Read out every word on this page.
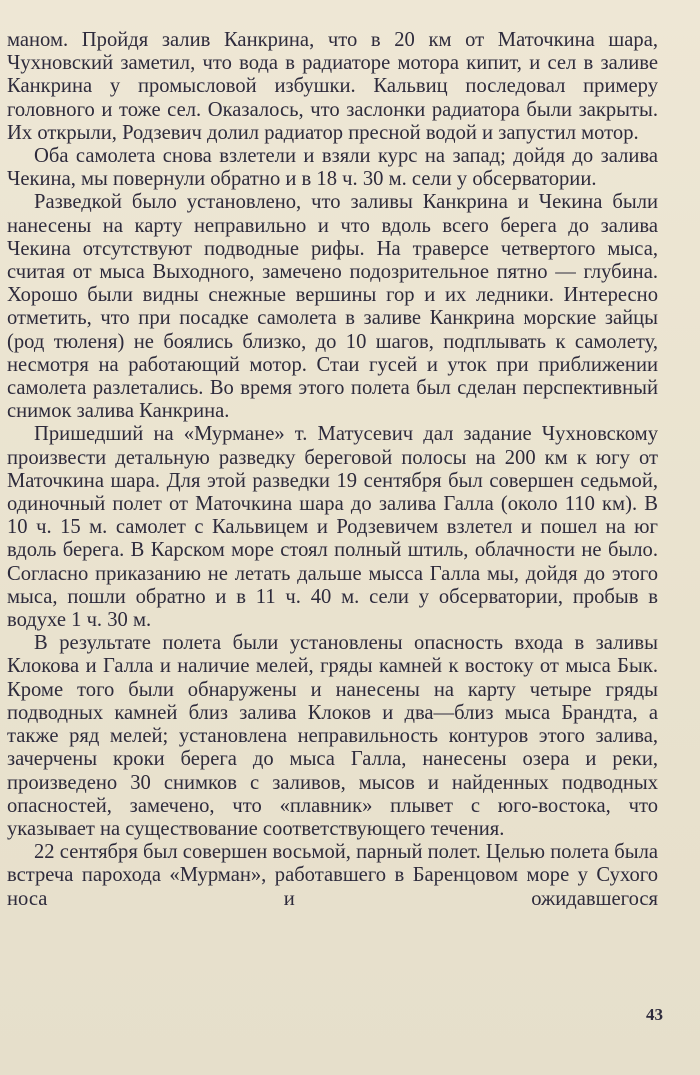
маном. Пройдя залив Канкрина, что в 20 км от Маточкина шара, Чухновский заметил, что вода в радиаторе мотора кипит, и сел в заливе Канкрина у промысловой избушки. Кальвиц последовал примеру головного и тоже сел. Оказалось, что заслонки радиатора были закрыты. Их открыли, Родзевич долил радиатор пресной водой и запустил мотор.

Оба самолета снова взлетели и взяли курс на запад; дойдя до залива Чекина, мы повернули обратно и в 18 ч. 30 м. сели у обсерватории.

Разведкой было установлено, что заливы Канкрина и Чекина были нанесены на карту неправильно и что вдоль всего берега до залива Чекина отсутствуют подводные рифы. На траверсе четвертого мыса, считая от мыса Выходного, замечено подозрительное пятно — глубина. Хорошо были видны снежные вершины гор и их ледники. Интересно отметить, что при посадке самолета в заливе Канкрина морские зайцы (род тюленя) не боялись близко, до 10 шагов, подплывать к самолету, несмотря на работающий мотор. Стаи гусей и уток при приближении самолета разлетались. Во время этого полета был сделан перспективный снимок залива Канкрина.

Пришедший на «Мурмане» т. Матусевич дал задание Чухновскому произвести детальную разведку береговой полосы на 200 км к югу от Маточкина шара. Для этой разведки 19 сентября был совершен седьмой, одиночный полет от Маточкина шара до залива Галла (около 110 км). В 10 ч. 15 м. самолет с Кальвицем и Родзевичем взлетел и пошел на юг вдоль берега. В Карском море стоял полный штиль, облачности не было. Согласно приказанию не летать дальше мысса Галла мы, дойдя до этого мыса, пошли обратно и в 11 ч. 40 м. сели у обсерватории, пробыв в водухе 1 ч. 30 м.

В результате полета были установлены опасность входа в заливы Клокова и Галла и наличие мелей, гряды камней к востоку от мыса Бык. Кроме того были обнаружены и нанесены на карту четыре гряды подводных камней близ залива Клоков и два—близ мыса Брандта, а также ряд мелей; установлена неправильность контуров этого залива, зачерчены кроки берега до мыса Галла, нанесены озера и реки, произведено 30 снимков с заливов, мысов и найденных подводных опасностей, замечено, что «плавник» плывет с юго-востока, что указывает на существование соответствующего течения.

22 сентября был совершен восьмой, парный полет. Целью полета была встреча парохода «Мурман», работавшего в Баренцовом море у Сухого носа и ожидавшегося

43
